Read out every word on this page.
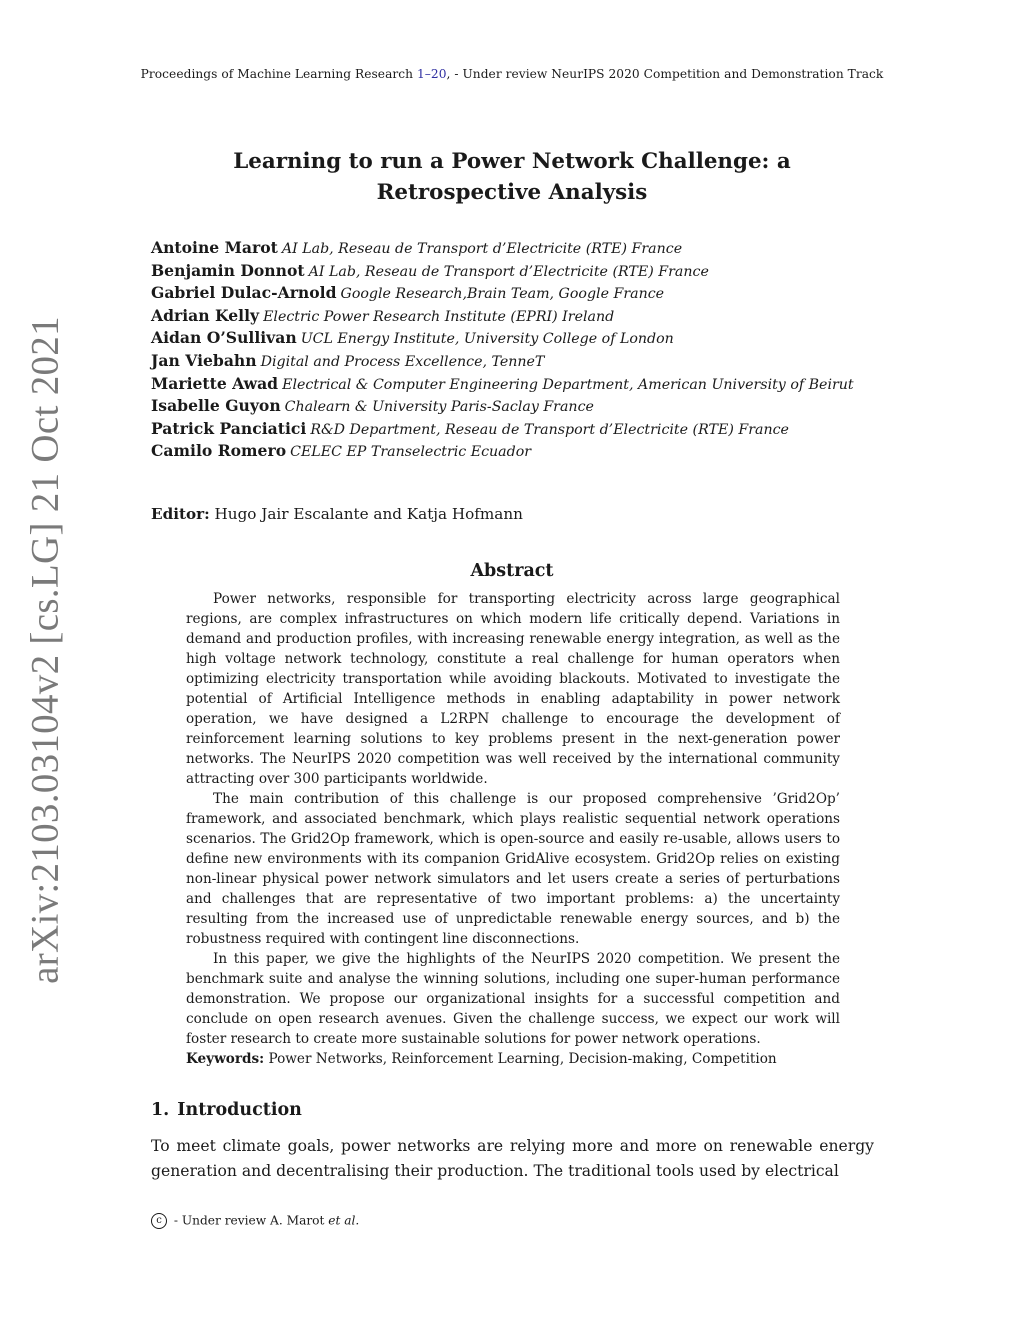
Proceedings of Machine Learning Research 1–20, - Under review NeurIPS 2020 Competition and Demonstration Track
arXiv:2103.03104v2 [cs.LG] 21 Oct 2021
Learning to run a Power Network Challenge: a
Retrospective Analysis
Antoine Marot AI Lab, Reseau de Transport d’Electricite (RTE) France
Benjamin Donnot AI Lab, Reseau de Transport d’Electricite (RTE) France
Gabriel Dulac-Arnold Google Research,Brain Team, Google France
Adrian Kelly Electric Power Research Institute (EPRI) Ireland
Aidan O’Sullivan UCL Energy Institute, University College of London
Jan Viebahn Digital and Process Excellence, TenneT
Mariette Awad Electrical & Computer Engineering Department, American University of Beirut
Isabelle Guyon Chalearn & University Paris-Saclay France
Patrick Panciatici R&D Department, Reseau de Transport d’Electricite (RTE) France
Camilo Romero CELEC EP Transelectric Ecuador
Editor: Hugo Jair Escalante and Katja Hofmann
Abstract

Power networks, responsible for transporting electricity across large geographical regions, are complex infrastructures on which modern life critically depend. Variations in demand and production profiles, with increasing renewable energy integration, as well as the high voltage network technology, constitute a real challenge for human operators when optimizing electricity transportation while avoiding blackouts. Motivated to investigate the potential of Artificial Intelligence methods in enabling adaptability in power network operation, we have designed a L2RPN challenge to encourage the development of reinforcement learning solutions to key problems present in the next-generation power networks. The NeurIPS 2020 competition was well received by the international community attracting over 300 participants worldwide.

The main contribution of this challenge is our proposed comprehensive ’Grid2Op’ framework, and associated benchmark, which plays realistic sequential network operations scenarios. The Grid2Op framework, which is open-source and easily re-usable, allows users to define new environments with its companion GridAlive ecosystem. Grid2Op relies on existing non-linear physical power network simulators and let users create a series of perturbations and challenges that are representative of two important problems: a) the uncertainty resulting from the increased use of unpredictable renewable energy sources, and b) the robustness required with contingent line disconnections.

In this paper, we give the highlights of the NeurIPS 2020 competition. We present the benchmark suite and analyse the winning solutions, including one super-human performance demonstration. We propose our organizational insights for a successful competition and conclude on open research avenues. Given the challenge success, we expect our work will foster research to create more sustainable solutions for power network operations.

Keywords: Power Networks, Reinforcement Learning, Decision-making, Competition

1. Introduction

To meet climate goals, power networks are relying more and more on renewable energy generation and decentralising their production. The traditional tools used by electrical

c - Under review A. Marot et al.
